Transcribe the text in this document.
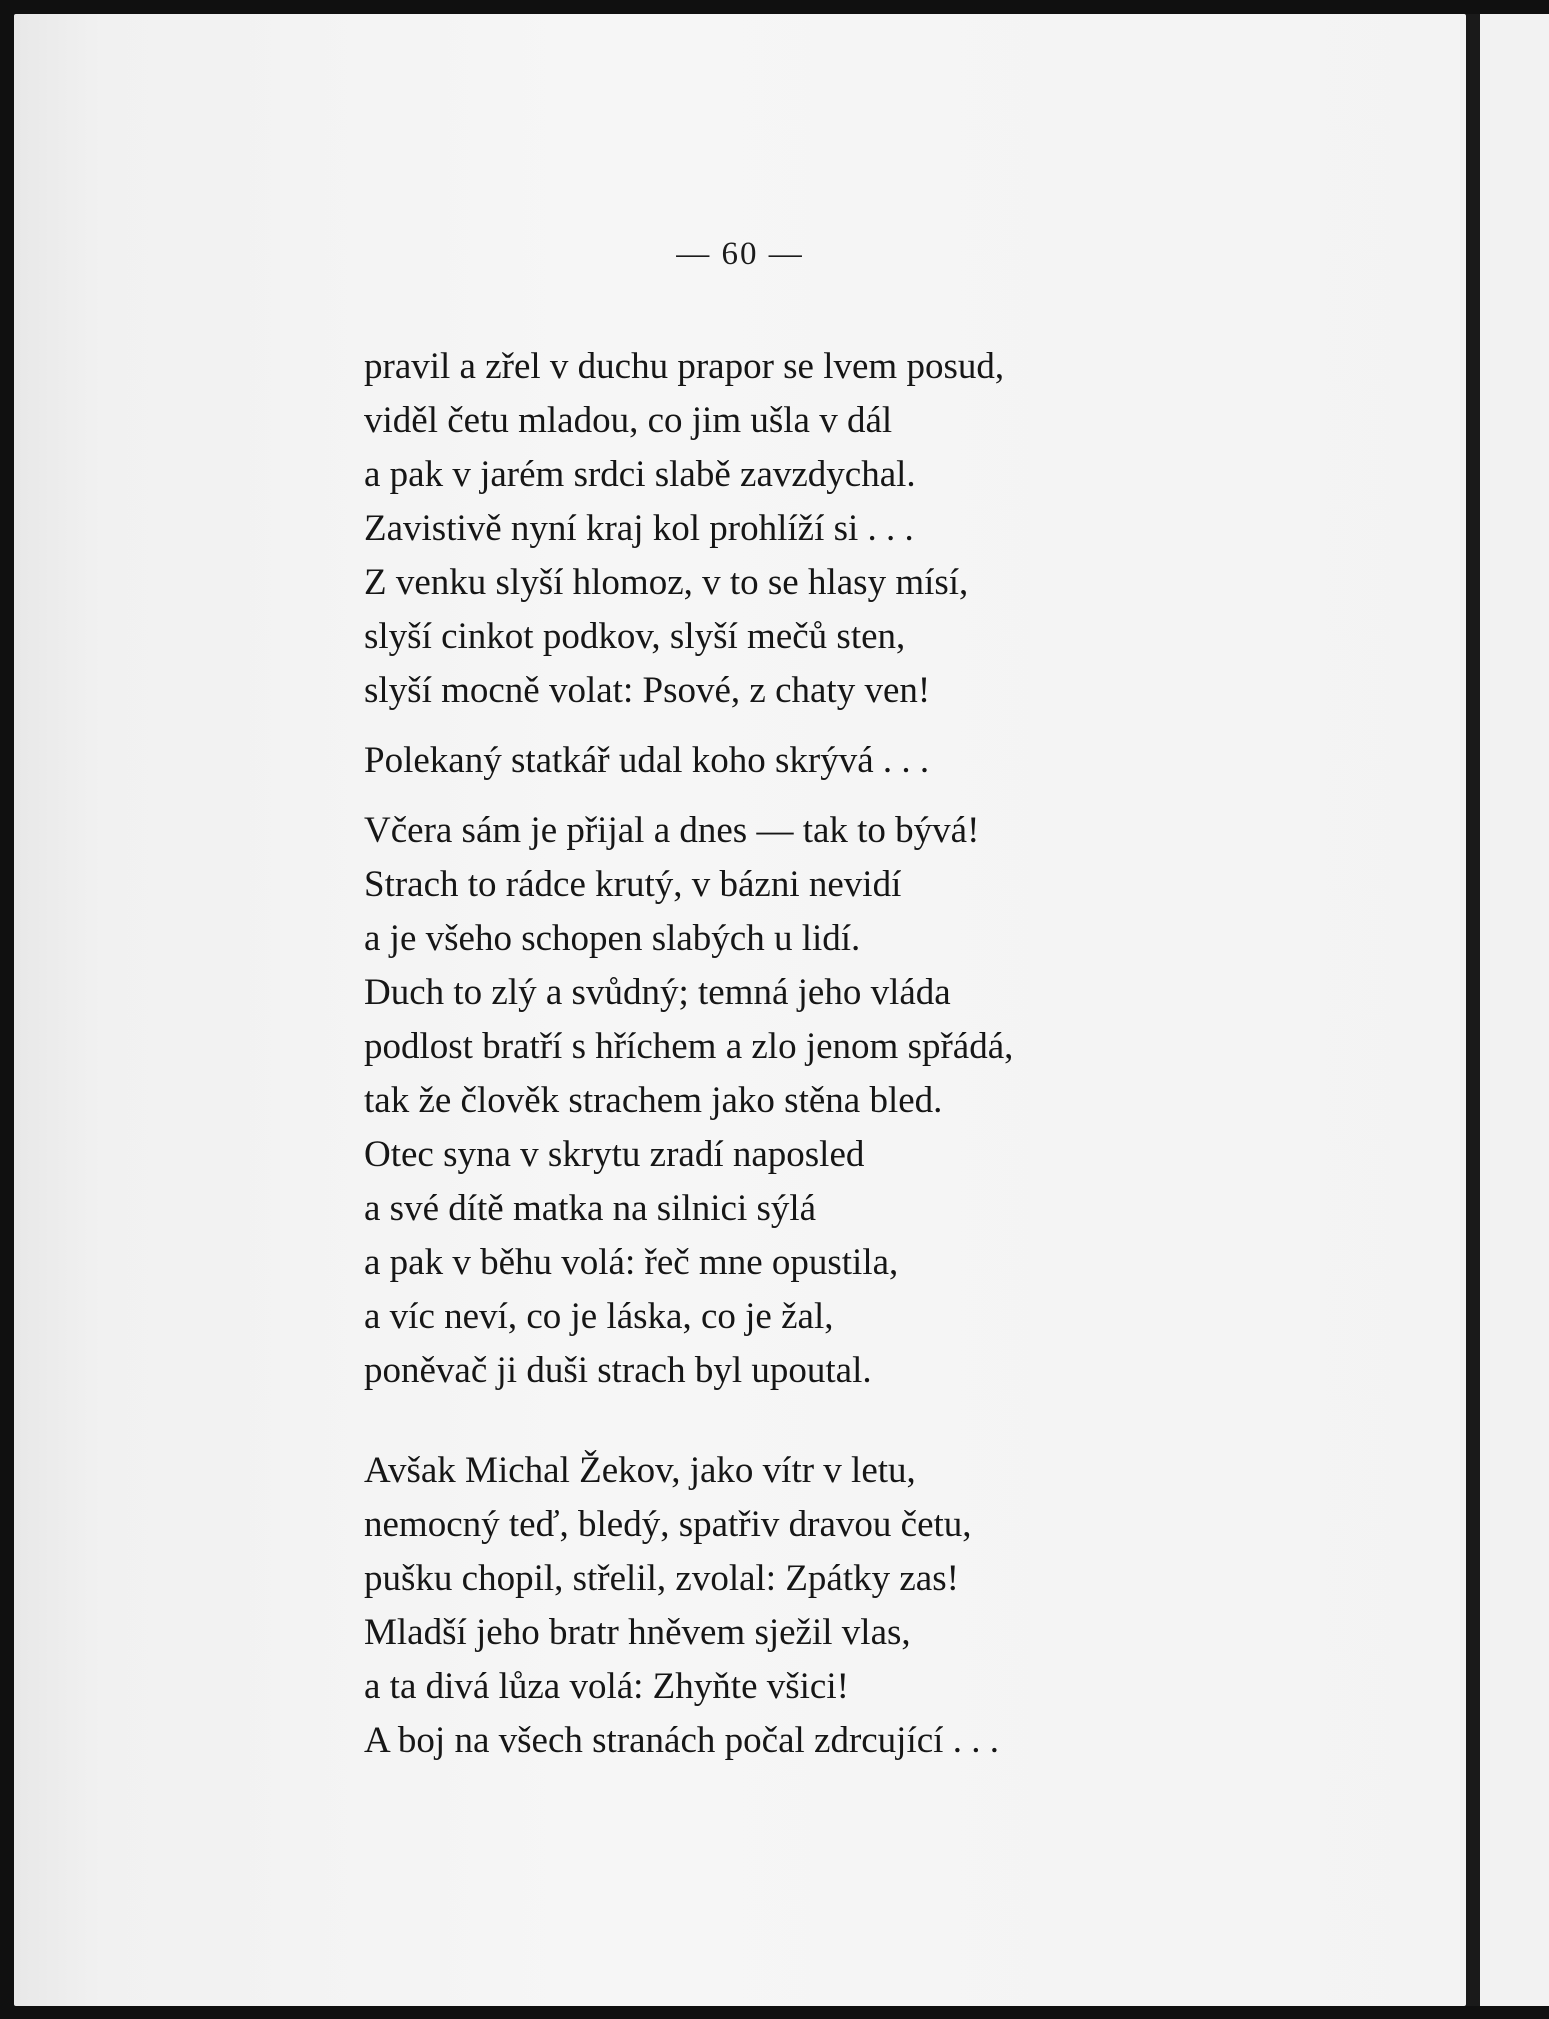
— 60 —
pravil a zřel v duchu prapor se lvem posud,
viděl četu mladou, co jim ušla v dál
a pak v jarém srdci slabě zavzdychal.
Zavistivě nyní kraj kol prohlíží si . . .
Z venku slyší hlomoz, v to se hlasy mísí,
slyší cinkot podkov, slyší mečů sten,
slyší mocně volat: Psové, z chaty ven!
Polekaný statkář udal koho skrývá . . .
Včera sám je přijal a dnes — tak to bývá!
Strach to rádce krutý, v bázni nevidí
a je všeho schopen slabých u lidí.
Duch to zlý a svůdný; temná jeho vláda
podlost bratří s hříchem a zlo jenom spřádá,
tak že člověk strachem jako stěna bled.
Otec syna v skrytu zradí naposled
a své dítě matka na silnici sýlá
a pak v běhu volá: řeč mne opustila,
a víc neví, co je láska, co je žal,
poněvač ji duši strach byl upoutal.
Avšak Michal Žekov, jako vítr v letu,
nemocný teď, bledý, spatřiv dravou četu,
pušku chopil, střelil, zvolal: Zpátky zas!
Mladší jeho bratr hněvem sježil vlas,
a ta divá lůza volá: Zhyňte všici!
A boj na všech stranách počal zdrcující . . .
